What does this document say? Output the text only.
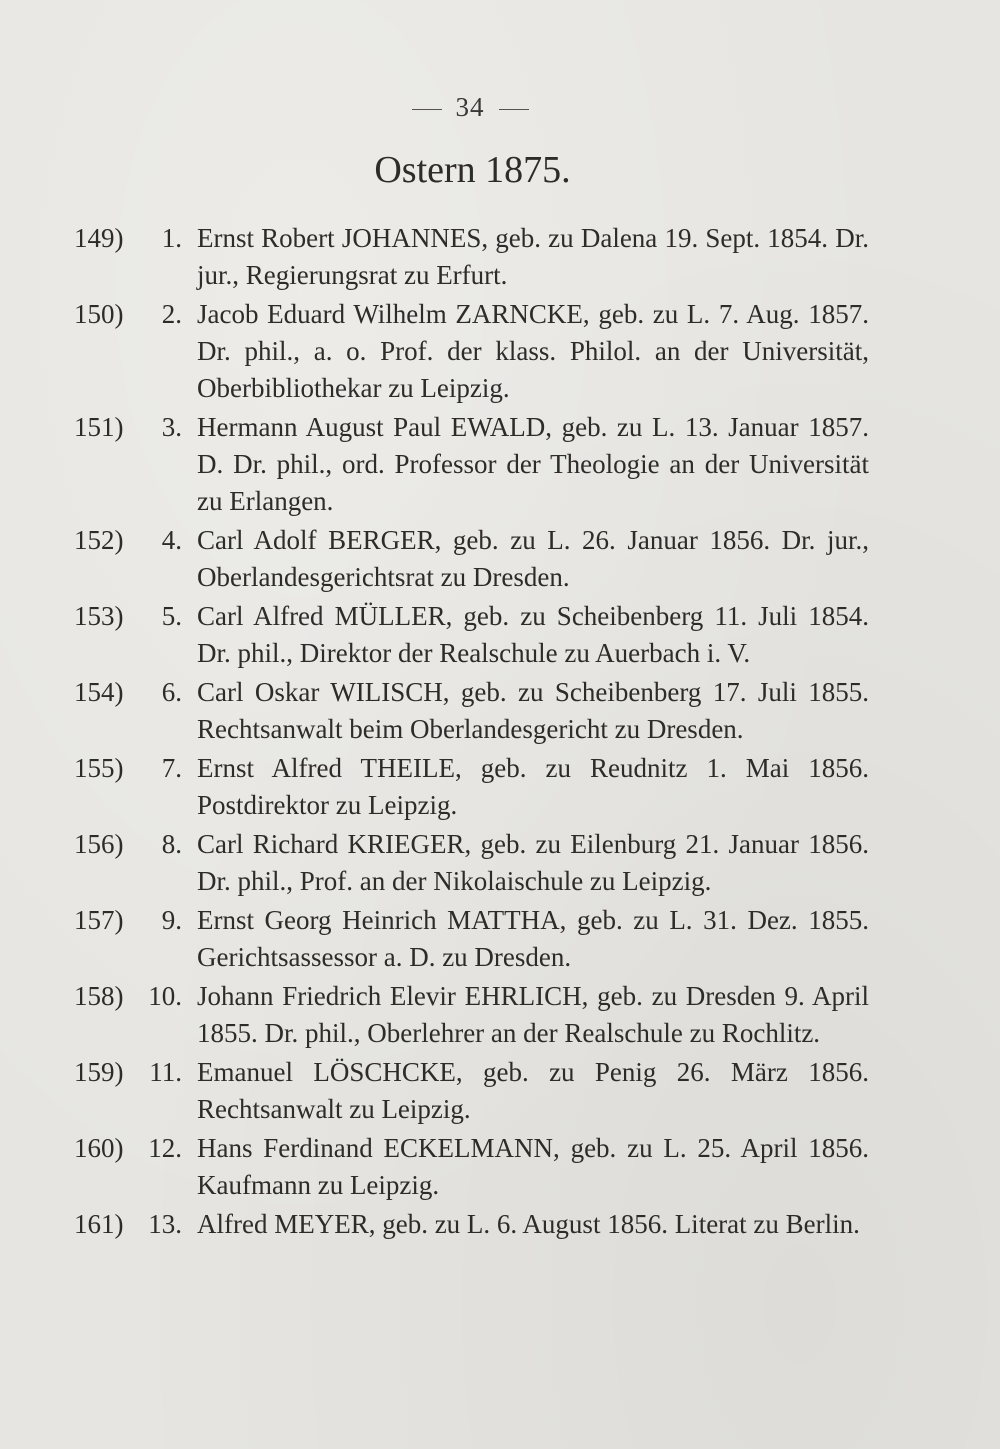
34
Ostern 1875.
149)	1. Ernst Robert JOHANNES, geb. zu Dalena 19. Sept. 1854. Dr. jur., Regierungsrat zu Erfurt.
150)	2. Jacob Eduard Wilhelm ZARNCKE, geb. zu L. 7. Aug. 1857. Dr. phil., a. o. Prof. der klass. Philol. an der Universität, Oberbibliothekar zu Leipzig.
151)	3. Hermann August Paul EWALD, geb. zu L. 13. Januar 1857. D. Dr. phil., ord. Professor der Theologie an der Universität zu Erlangen.
152)	4. Carl Adolf BERGER, geb. zu L. 26. Januar 1856. Dr. jur., Oberlandesgerichtsrat zu Dresden.
153)	5. Carl Alfred MÜLLER, geb. zu Scheibenberg 11. Juli 1854. Dr. phil., Direktor der Realschule zu Auerbach i. V.
154)	6. Carl Oskar WILISCH, geb. zu Scheibenberg 17. Juli 1855. Rechtsanwalt beim Oberlandesgericht zu Dresden.
155)	7. Ernst Alfred THEILE, geb. zu Reudnitz 1. Mai 1856. Postdirektor zu Leipzig.
156)	8. Carl Richard KRIEGER, geb. zu Eilenburg 21. Januar 1856. Dr. phil., Prof. an der Nikolaischule zu Leipzig.
157)	9. Ernst Georg Heinrich MATTHA, geb. zu L. 31. Dez. 1855. Gerichtsassessor a. D. zu Dresden.
158) 10. Johann Friedrich Elevir EHRLICH, geb. zu Dresden 9. April 1855. Dr. phil., Oberlehrer an der Realschule zu Rochlitz.
159) 11. Emanuel LÖSCHCKE, geb. zu Penig 26. März 1856. Rechtsanwalt zu Leipzig.
160) 12. Hans Ferdinand ECKELMANN, geb. zu L. 25. April 1856. Kaufmann zu Leipzig.
161) 13. Alfred MEYER, geb. zu L. 6. August 1856. Literat zu Berlin.
